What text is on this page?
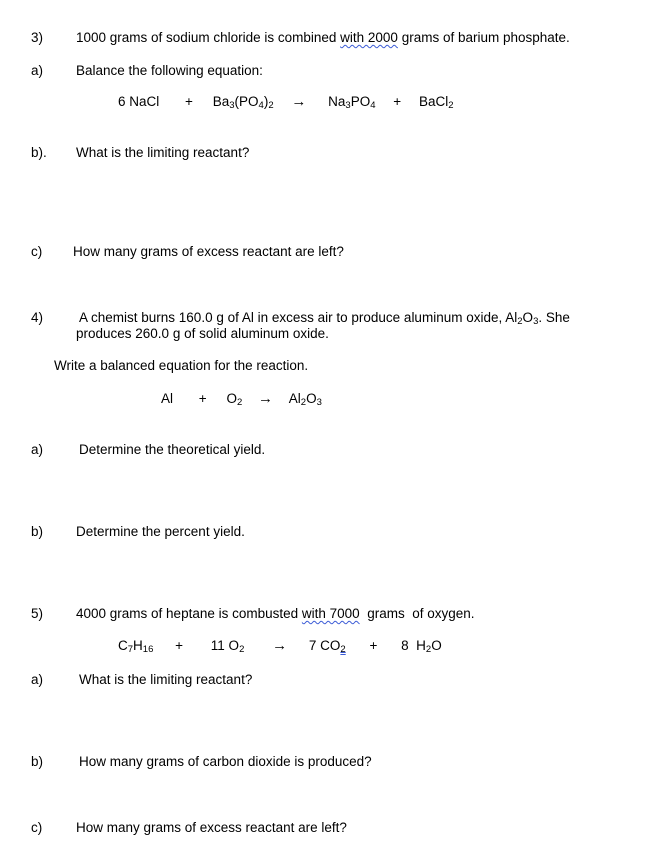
3) 1000 grams of sodium chloride is combined with 2000 grams of barium phosphate.
a) Balance the following equation:
6 NaCl + $Ba_3(PO_4)_2 \to Na_3PO_4$ + BaCl$_2$
b). What is the limiting reactant?
c) How many grams of excess reactant are left?
4)	A chemist burns 160.0 g of Al in excess air to produce aluminum oxide, $Al_2O_3$. She
produces 260.0 g of solid aluminum oxide.
Write a balanced equation for the reaction.
$Al + O_2 \to Al_2O_3$
a)	Determine the theoretical yield.
b) Determine the percent yield.
5) 4000 grams of heptane is combusted with 7000  grams  of oxygen.
$C_7H_{16} + 11$ $O_2 \to 7$ $CO_2 + 8$  $H_2O$
a)	What is the limiting reactant?
b)	How many grams of carbon dioxide is produced?
c)	How many grams of excess reactant are left?
